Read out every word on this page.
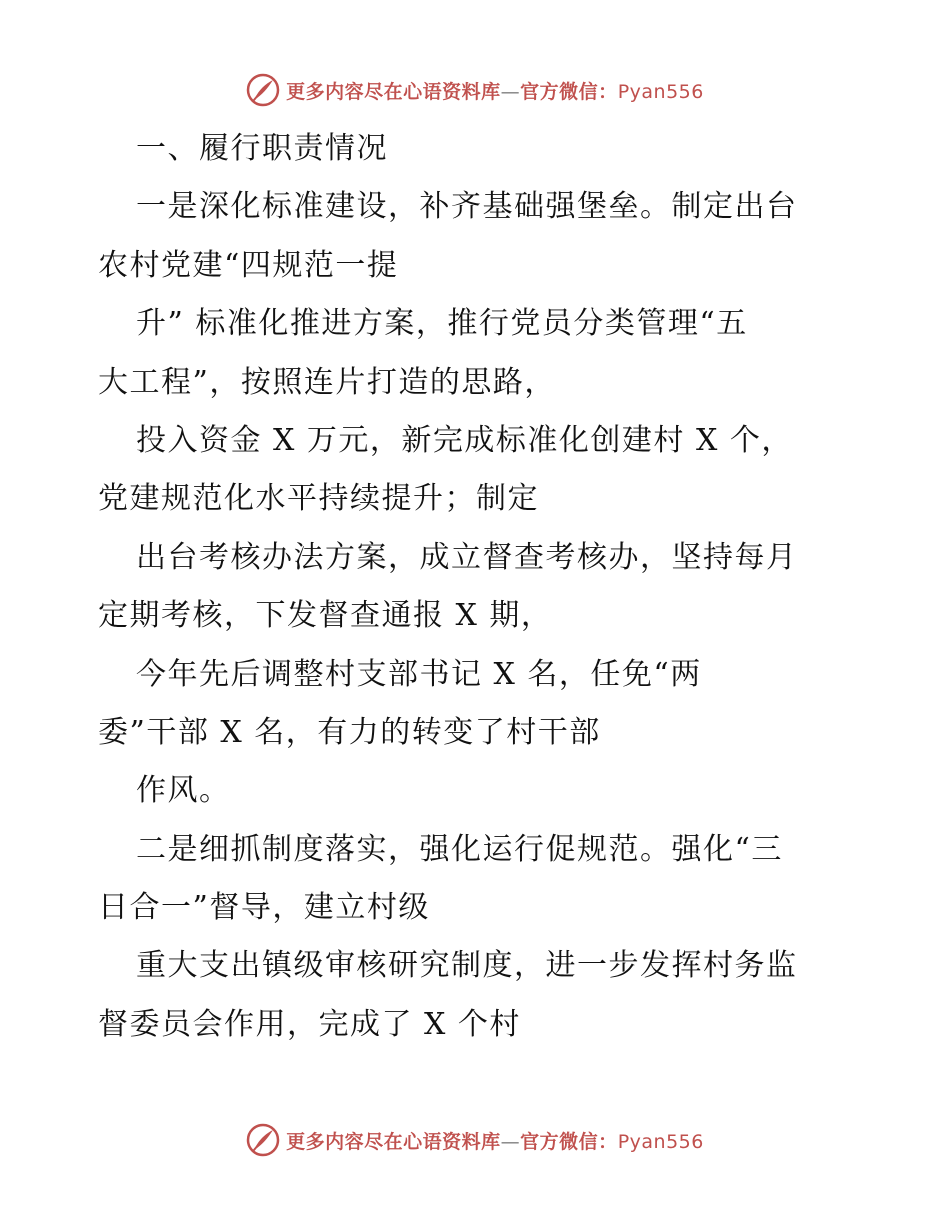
更多内容尽在心语资料库—官方微信：Pyan556
一、履行职责情况
一是深化标准建设，补齐基础强堡垒。制定出台
农村党建“四规范一提
升” 标准化推进方案，推行党员分类管理“五
大工程”，按照连片打造的思路，
投入资金 X 万元，新完成标准化创建村 X 个，
党建规范化水平持续提升；制定
出台考核办法方案，成立督查考核办，坚持每月
定期考核，下发督查通报 X 期，
今年先后调整村支部书记 X 名，任免“两
委”干部 X 名，有力的转变了村干部
作风。
二是细抓制度落实，强化运行促规范。强化“三
日合一”督导，建立村级
重大支出镇级审核研究制度，进一步发挥村务监
督委员会作用，完成了 X 个村
更多内容尽在心语资料库—官方微信：Pyan556
